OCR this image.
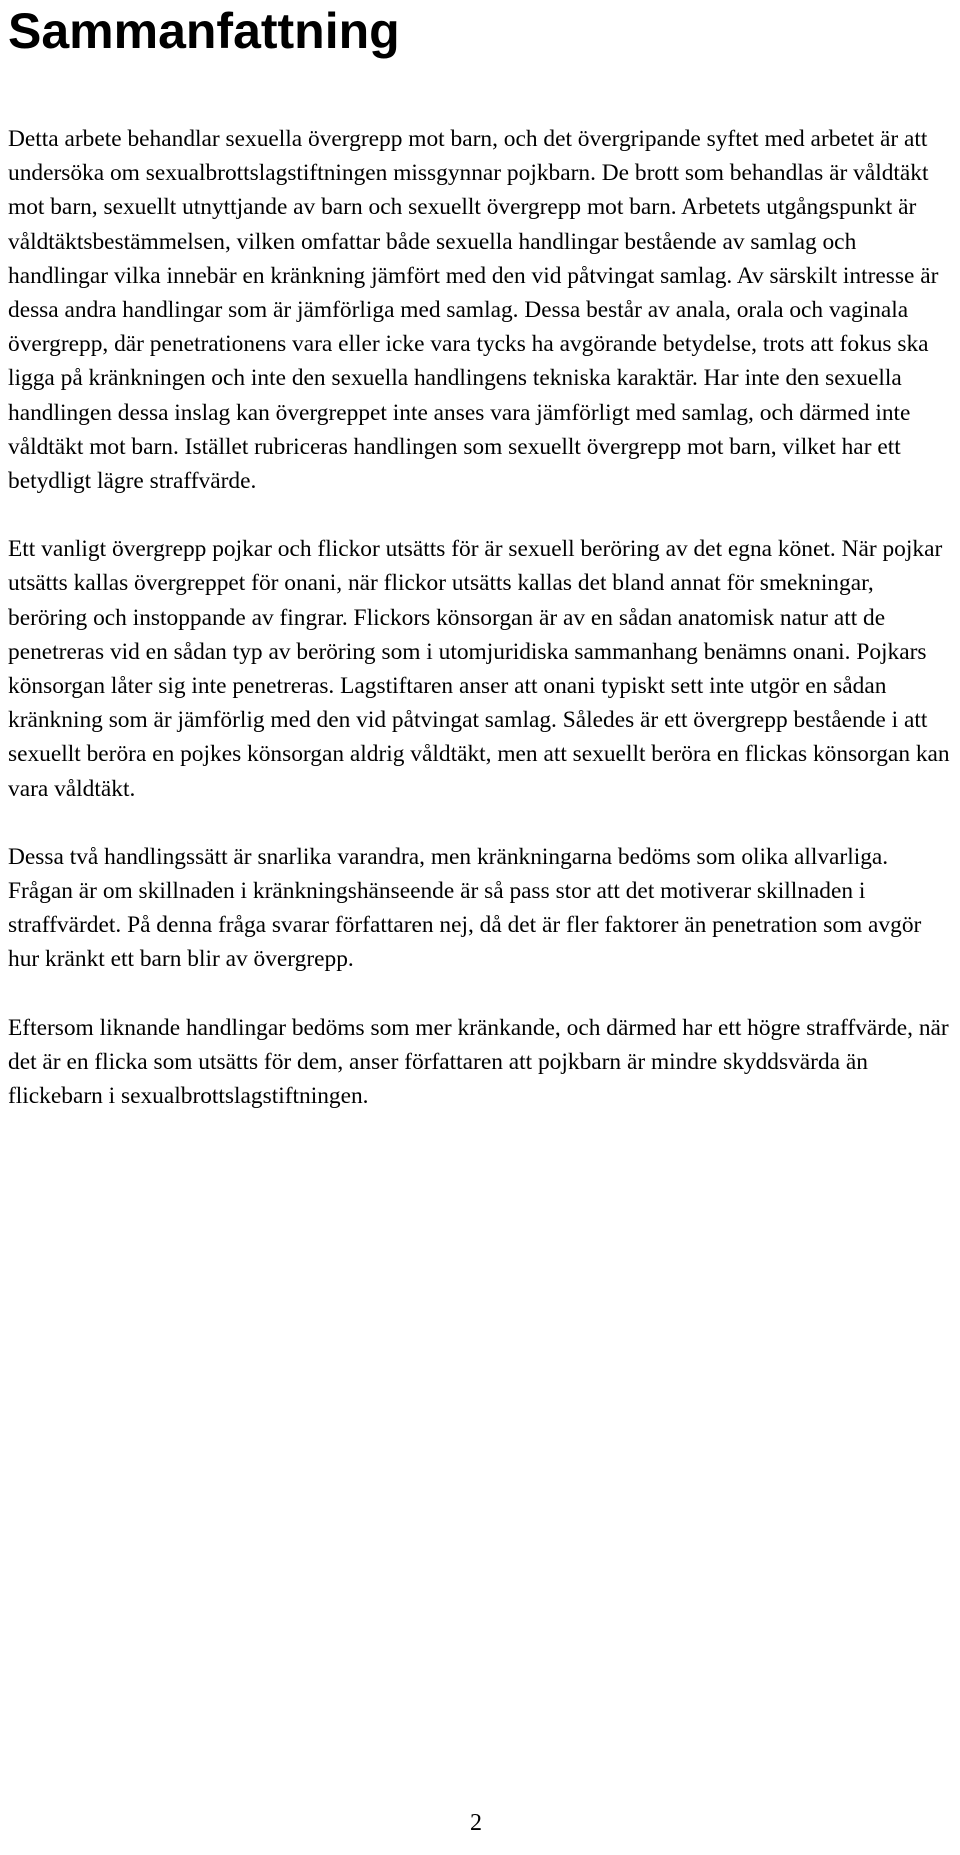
Sammanfattning

Detta arbete behandlar sexuella övergrepp mot barn, och det övergripande syftet med arbetet är att undersöka om sexualbrottslagstiftningen missgynnar pojkbarn. De brott som behandlas är våldtäkt mot barn, sexuellt utnyttjande av barn och sexuellt övergrepp mot barn. Arbetets utgångspunkt är våldtäktsbestämmelsen, vilken omfattar både sexuella handlingar bestående av samlag och handlingar vilka innebär en kränkning jämfört med den vid påtvingat samlag. Av särskilt intresse är dessa andra handlingar som är jämförliga med samlag. Dessa består av anala, orala och vaginala övergrepp, där penetrationens vara eller icke vara tycks ha avgörande betydelse, trots att fokus ska ligga på kränkningen och inte den sexuella handlingens tekniska karaktär. Har inte den sexuella handlingen dessa inslag kan övergreppet inte anses vara jämförligt med samlag, och därmed inte våldtäkt mot barn. Istället rubriceras handlingen som sexuellt övergrepp mot barn, vilket har ett betydligt lägre straffvärde.

Ett vanligt övergrepp pojkar och flickor utsätts för är sexuell beröring av det egna könet. När pojkar utsätts kallas övergreppet för onani, när flickor utsätts kallas det bland annat för smekningar, beröring och instoppande av fingrar. Flickors könsorgan är av en sådan anatomisk natur att de penetreras vid en sådan typ av beröring som i utomjuridiska sammanhang benämns onani. Pojkars könsorgan låter sig inte penetreras. Lagstiftaren anser att onani typiskt sett inte utgör en sådan kränkning som är jämförlig med den vid påtvingat samlag. Således är ett övergrepp bestående i att sexuellt beröra en pojkes könsorgan aldrig våldtäkt, men att sexuellt beröra en flickas könsorgan kan vara våldtäkt.

Dessa två handlingssätt är snarlika varandra, men kränkningarna bedöms som olika allvarliga. Frågan är om skillnaden i kränkningshänseende är så pass stor att det motiverar skillnaden i straffvärdet. På denna fråga svarar författaren nej, då det är fler faktorer än penetration som avgör hur kränkt ett barn blir av övergrepp.

Eftersom liknande handlingar bedöms som mer kränkande, och därmed har ett högre straffvärde, när det är en flicka som utsätts för dem, anser författaren att pojkbarn är mindre skyddsvärda än flickebarn i sexualbrottslagstiftningen.

2
